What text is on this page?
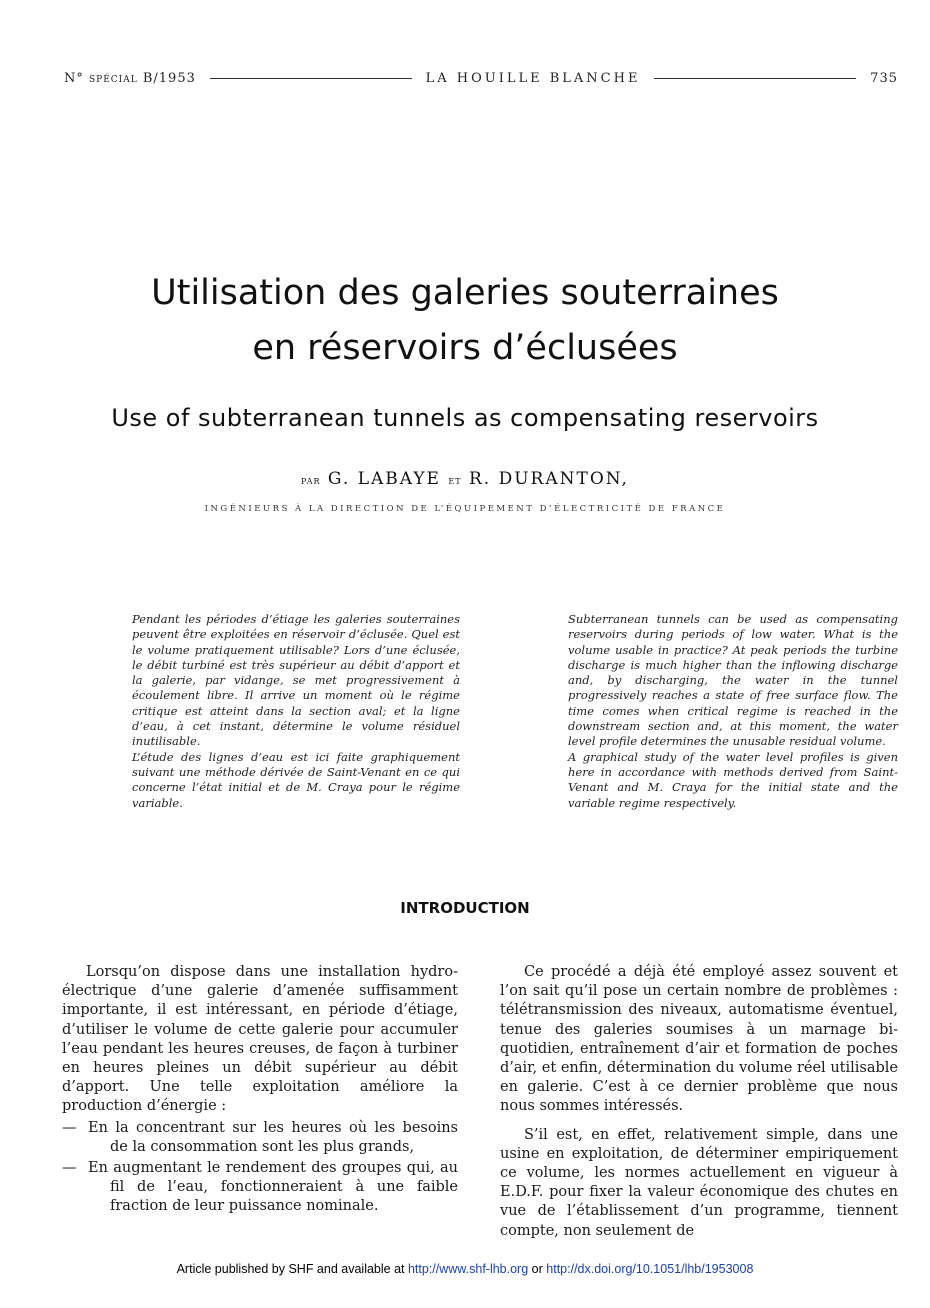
N° spécial B/1953	LA HOUILLE BLANCHE	735
Utilisation des galeries souterraines
en réservoirs d’éclusées
Use of subterranean tunnels as compensating reservoirs
par G. LABAYE et R. DURANTON,
INGÉNIEURS À LA DIRECTION DE L’ÉQUIPEMENT D’ÉLECTRICITÉ DE FRANCE

Pendant les périodes d’étiage les galeries souterraines peuvent être exploitées en réservoir d’éclusée. Quel est le volume pratiquement utilisable? Lors d’une éclusée, le débit turbiné est très supérieur au débit d’apport et la galerie, par vidange, se met progressivement à écoulement libre. Il arrive un moment où le régime critique est atteint dans la section aval; et la ligne d’eau, à cet instant, détermine le volume résiduel inutilisable.

L’étude des lignes d’eau est ici faite graphiquement suivant une méthode dérivée de Saint-Venant en ce qui concerne l’état initial et de M. Craya pour le régime variable.

Subterranean tunnels can be used as compensating reservoirs during periods of low water. What is the volume usable in practice? At peak periods the turbine discharge is much higher than the inflowing discharge and, by discharging, the water in the tunnel progressively reaches a state of free surface flow. The time comes when critical regime is reached in the downstream section and, at this moment, the water level profile determines the unusable residual volume.

A graphical study of the water level profiles is given here in accordance with methods derived from Saint-Venant and M. Craya for the initial state and the variable regime respectively.

INTRODUCTION

Lorsqu’on dispose dans une installation hydro-électrique d’une galerie d’amenée suffisamment importante, il est intéressant, en période d’étiage, d’utiliser le volume de cette galerie pour accumuler l’eau pendant les heures creuses, de façon à turbiner en heures pleines un débit supérieur au débit d’apport. Une telle exploitation améliore la production d’énergie :

— En la concentrant sur les heures où les besoins de la consommation sont les plus grands,

— En augmentant le rendement des groupes qui, au fil de l’eau, fonctionneraient à une faible fraction de leur puissance nominale.

Ce procédé a déjà été employé assez souvent et l’on sait qu’il pose un certain nombre de problèmes : télétransmission des niveaux, automatisme éventuel, tenue des galeries soumises à un marnage bi-quotidien, entraînement d’air et formation de poches d’air, et enfin, détermination du volume réel utilisable en galerie. C’est à ce dernier problème que nous nous sommes intéressés.

S’il est, en effet, relativement simple, dans une usine en exploitation, de déterminer empiriquement ce volume, les normes actuellement en vigueur à E.D.F. pour fixer la valeur économique des chutes en vue de l’établissement d’un programme, tiennent compte, non seulement de

Article published by SHF and available at http://www.shf-lhb.org or http://dx.doi.org/10.1051/lhb/1953008
